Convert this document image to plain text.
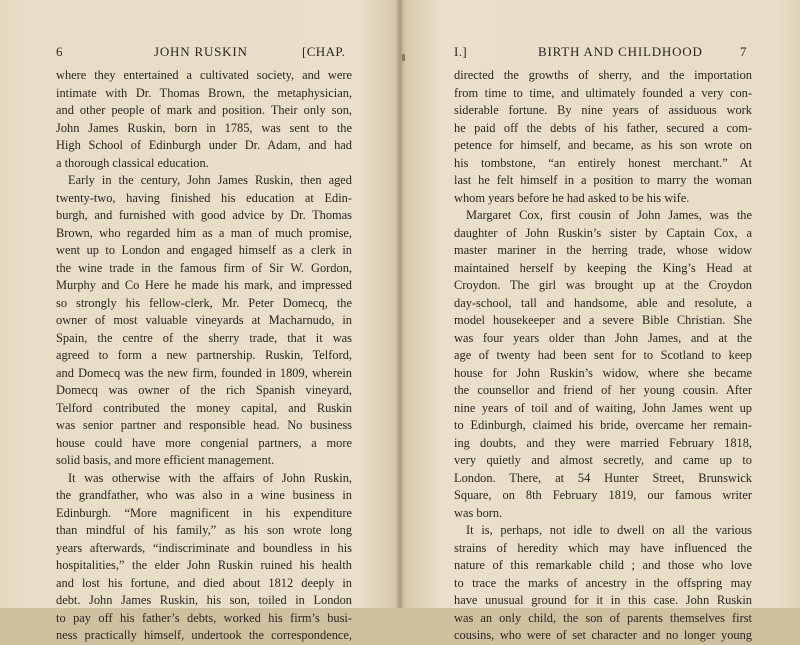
6	JOHN RUSKIN	[CHAP.
where they entertained a cultivated society, and were
intimate with Dr. Thomas Brown, the metaphysician,
and other people of mark and position. Their only son,
John James Ruskin, born in 1785, was sent to the
High School of Edinburgh under Dr. Adam, and had
a thorough classical education.
Early in the century, John James Ruskin, then aged
twenty-two, having finished his education at Edin-
burgh, and furnished with good advice by Dr. Thomas
Brown, who regarded him as a man of much promise,
went up to London and engaged himself as a clerk in
the wine trade in the famous firm of Sir W. Gordon,
Murphy and Co Here he made his mark, and impressed
so strongly his fellow-clerk, Mr. Peter Domecq, the
owner of most valuable vineyards at Macharnudo, in
Spain, the centre of the sherry trade, that it was
agreed to form a new partnership. Ruskin, Telford,
and Domecq was the new firm, founded in 1809, wherein
Domecq was owner of the rich Spanish vineyard,
Telford contributed the money capital, and Ruskin
was senior partner and responsible head. No business
house could have more congenial partners, a more
solid basis, and more efficient management.
It was otherwise with the affairs of John Ruskin,
the grandfather, who was also in a wine business in
Edinburgh. “More magnificent in his expenditure
than mindful of his family,” as his son wrote long
years afterwards, “indiscriminate and boundless in his
hospitalities,” the elder John Ruskin ruined his health
and lost his fortune, and died about 1812 deeply in
debt. John James Ruskin, his son, toiled in London
to pay off his father’s debts, worked his firm’s busi-
ness practically himself, undertook the correspondence,
I.]	BIRTH AND CHILDHOOD	7
directed the growths of sherry, and the importation
from time to time, and ultimately founded a very con-
siderable fortune. By nine years of assiduous work
he paid off the debts of his father, secured a com-
petence for himself, and became, as his son wrote on
his tombstone, “an entirely honest merchant.” At
last he felt himself in a position to marry the woman
whom years before he had asked to be his wife.
Margaret Cox, first cousin of John James, was the
daughter of John Ruskin’s sister by Captain Cox, a
master mariner in the herring trade, whose widow
maintained herself by keeping the King’s Head at
Croydon. The girl was brought up at the Croydon
day-school, tall and handsome, able and resolute, a
model housekeeper and a severe Bible Christian. She
was four years older than John James, and at the
age of twenty had been sent for to Scotland to keep
house for John Ruskin’s widow, where she became
the counsellor and friend of her young cousin. After
nine years of toil and of waiting, John James went up
to Edinburgh, claimed his bride, overcame her remain-
ing doubts, and they were married February 1818,
very quietly and almost secretly, and came up to
London. There, at 54 Hunter Street, Brunswick
Square, on 8th February 1819, our famous writer
was born.
It is, perhaps, not idle to dwell on all the various
strains of heredity which may have influenced the
nature of this remarkable child ; and those who love
to trace the marks of ancestry in the offspring may
have unusual ground for it in this case. John Ruskin
was an only child, the son of parents themselves first
cousins, who were of set character and no longer young
